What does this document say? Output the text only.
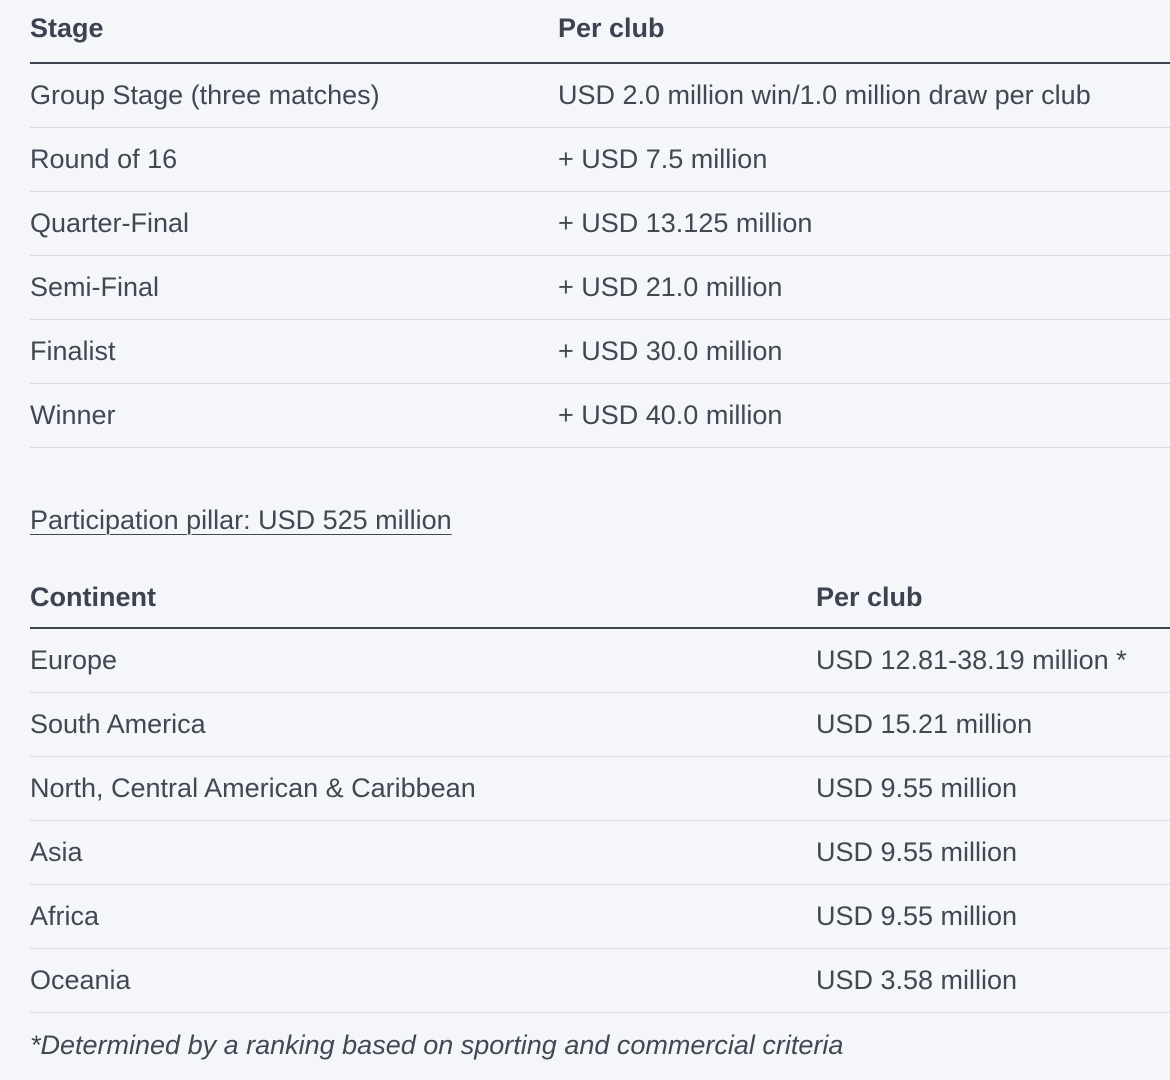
Stage	Per club
Group Stage (three matches)	USD 2.0 million win/1.0 million draw per club
Round of 16	+ USD 7.5 million
Quarter-Final	+ USD 13.125 million
Semi-Final	+ USD 21.0 million
Finalist	+ USD 30.0 million
Winner	+ USD 40.0 million
Participation pillar: USD 525 million
Continent	Per club
Europe	USD 12.81-38.19 million *
South America	USD 15.21 million
North, Central American & Caribbean	USD 9.55 million
Asia	USD 9.55 million
Africa	USD 9.55 million
Oceania	USD 3.58 million
*Determined by a ranking based on sporting and commercial criteria
